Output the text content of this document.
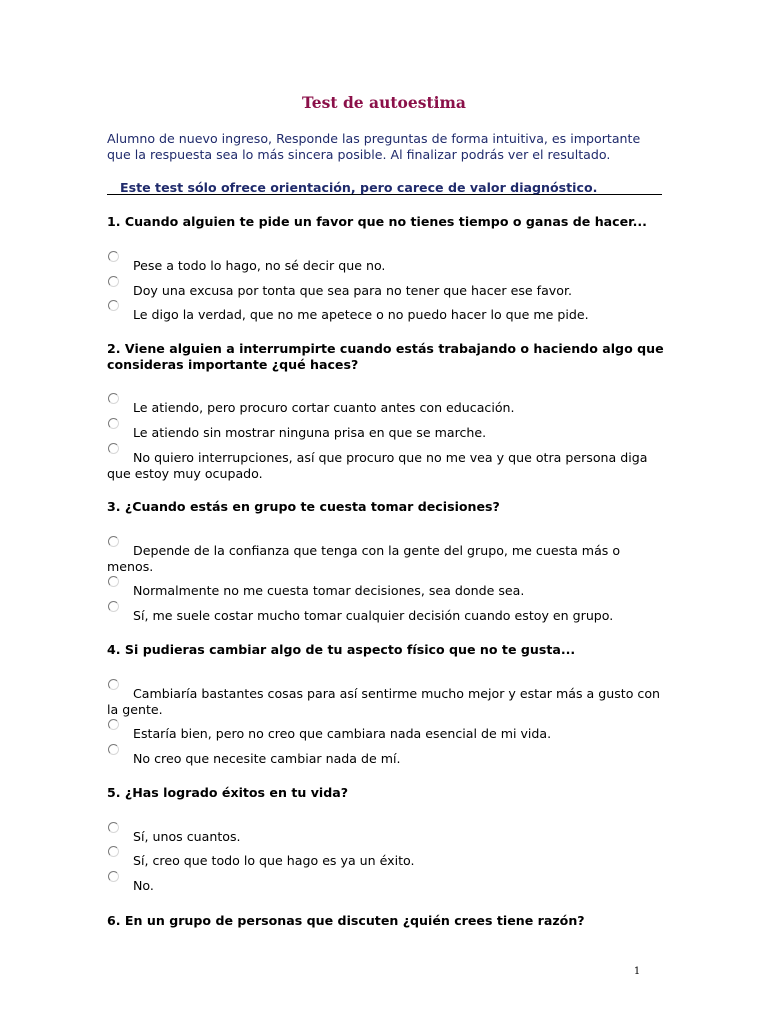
Test de autoestima
Alumno de nuevo ingreso, Responde las preguntas de forma intuitiva, es importante que la respuesta sea lo más sincera posible. Al finalizar podrás ver el resultado.
Este test sólo ofrece orientación, pero carece de valor diagnóstico.
1. Cuando alguien te pide un favor que no tienes tiempo o ganas de hacer...
Pese a todo lo hago, no sé decir que no.
Doy una excusa por tonta que sea para no tener que hacer ese favor.
Le digo la verdad, que no me apetece o no puedo hacer lo que me pide.
2. Viene alguien a interrumpirte cuando estás trabajando o haciendo algo que consideras importante ¿qué haces?
Le atiendo, pero procuro cortar cuanto antes con educación.
Le atiendo sin mostrar ninguna prisa en que se marche.
No quiero interrupciones, así que procuro que no me vea y que otra persona diga que estoy muy ocupado.
3. ¿Cuando estás en grupo te cuesta tomar decisiones?
Depende de la confianza que tenga con la gente del grupo, me cuesta más o menos.
Normalmente no me cuesta tomar decisiones, sea donde sea.
Sí, me suele costar mucho tomar cualquier decisión cuando estoy en grupo.
4. Si pudieras cambiar algo de tu aspecto físico que no te gusta...
Cambiaría bastantes cosas para así sentirme mucho mejor y estar más a gusto con la gente.
Estaría bien, pero no creo que cambiara nada esencial de mi vida.
No creo que necesite cambiar nada de mí.
5. ¿Has logrado éxitos en tu vida?
Sí, unos cuantos.
Sí, creo que todo lo que hago es ya un éxito.
No.
6. En un grupo de personas que discuten ¿quién crees tiene razón?
1
